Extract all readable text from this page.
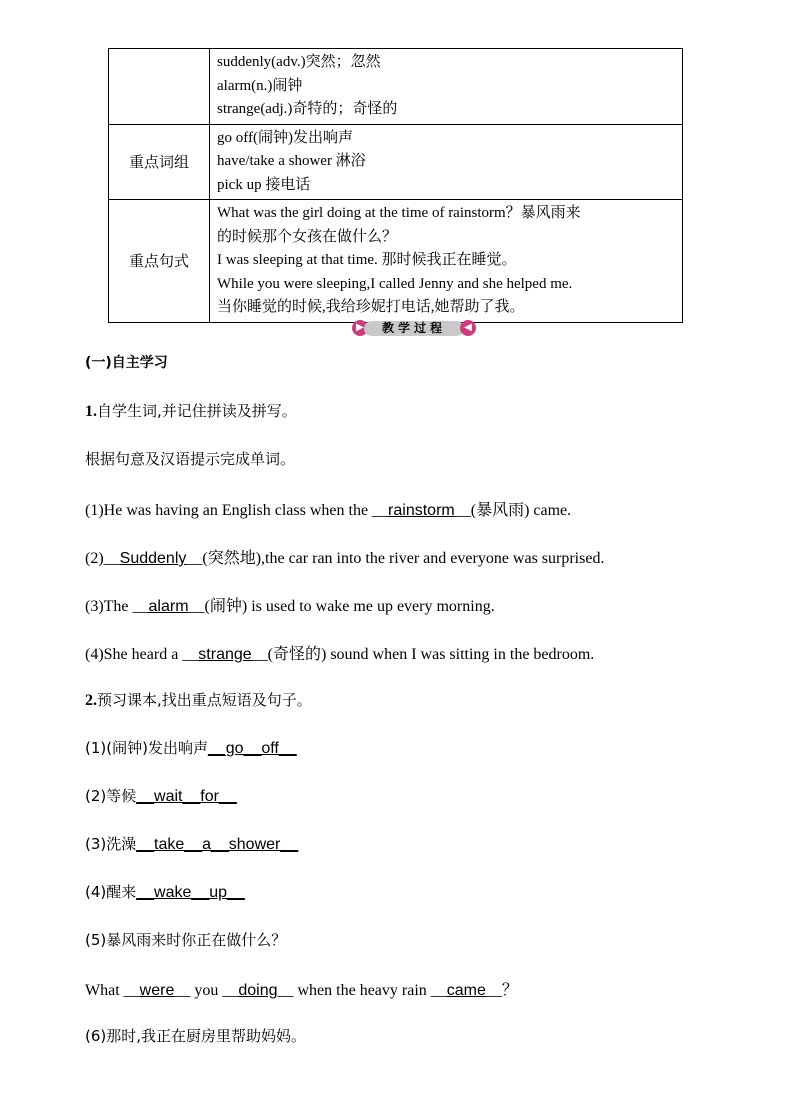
	suddenly(adv.)突然；忽然
alarm(n.)闹钟
strange(adj.)奇特的；奇怪的

重点词组	go off(闹钟)发出响声
have/take a shower 淋浴
pick up 接电话

重点句式	What was the girl doing at the time of rainstorm？暴风雨来
的时候那个女孩在做什么？
I was sleeping at that time. 那时候我正在睡觉。
While you were sleeping,I called Jenny and she helped me.
当你睡觉的时候,我给珍妮打电话,她帮助了我。
▶	教学过程	◀
(一)自主学习
1.自学生词,并记住拼读及拼写。
根据句意及汉语提示完成单词。
(1)He was having an English class when the __rainstorm__(暴风雨) came.
(2)__Suddenly__(突然地),the car ran into the river and everyone was surprised.
(3)The __alarm__(闹钟) is used to wake me up every morning.
(4)She heard a __strange__(奇怪的) sound when I was sitting in the bedroom.
2.预习课本,找出重点短语及句子。
(1)(闹钟)发出响声__go__off__
(2)等候__wait__for__
(3)洗澡__take__a__shower__
(4)醒来__wake__up__
(5)暴风雨来时你正在做什么？
What __were__ you __doing__ when the heavy rain __came__？
(6)那时,我正在厨房里帮助妈妈。
